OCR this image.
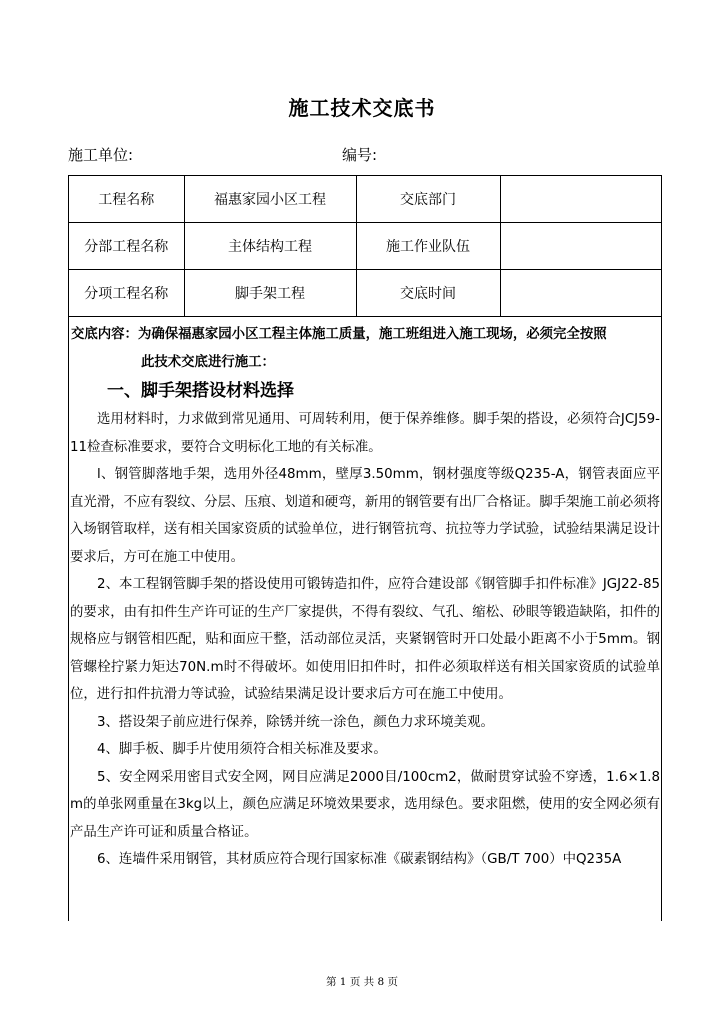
施工技术交底书
施工单位:	编号:
工程名称	福惠家园小区工程	交底部门	
分部工程名称	主体结构工程	施工作业队伍	
分项工程名称	脚手架工程	交底时间	

交底内容：为确保福惠家园小区工程主体施工质量，施工班组进入施工现场，必须完全按照

此技术交底进行施工：

一、脚手架搭设材料选择

选用材料时，力求做到常见通用、可周转利用，便于保养维修。脚手架的搭设，必须符合JCJ59-11检查标准要求，要符合文明标化工地的有关标准。

l、钢管脚落地手架，选用外径48mm，壁厚3.50mm，钢材强度等级Q235-A，钢管表面应平直光滑，不应有裂纹、分层、压痕、划道和硬弯，新用的钢管要有出厂合格证。脚手架施工前必须将入场钢管取样，送有相关国家资质的试验单位，进行钢管抗弯、抗拉等力学试验，试验结果满足设计要求后，方可在施工中使用。

2、本工程钢管脚手架的搭设使用可锻铸造扣件，应符合建设部《钢管脚手扣件标准》JGJ22-85的要求，由有扣件生产许可证的生产厂家提供，不得有裂纹、气孔、缩松、砂眼等锻造缺陷，扣件的规格应与钢管相匹配，贴和面应干整，活动部位灵活，夹紧钢管时开口处最小距离不小于5mm。钢管螺栓拧紧力矩达70N.m时不得破坏。如使用旧扣件时，扣件必须取样送有相关国家资质的试验单位，进行扣件抗滑力等试验，试验结果满足设计要求后方可在施工中使用。

3、搭设架子前应进行保养，除锈并统一涂色，颜色力求环境美观。

4、脚手板、脚手片使用须符合相关标准及要求。

5、安全网采用密目式安全网，网目应满足2000目/100cm2，做耐贯穿试验不穿透，1.6×1.8m的单张网重量在3kg以上，颜色应满足环境效果要求，选用绿色。要求阻燃，使用的安全网必须有产品生产许可证和质量合格证。

6、连墙件采用钢管，其材质应符合现行国家标准《碳素钢结构》（GB/T 700）中Q235A

第 1 页 共 8 页
